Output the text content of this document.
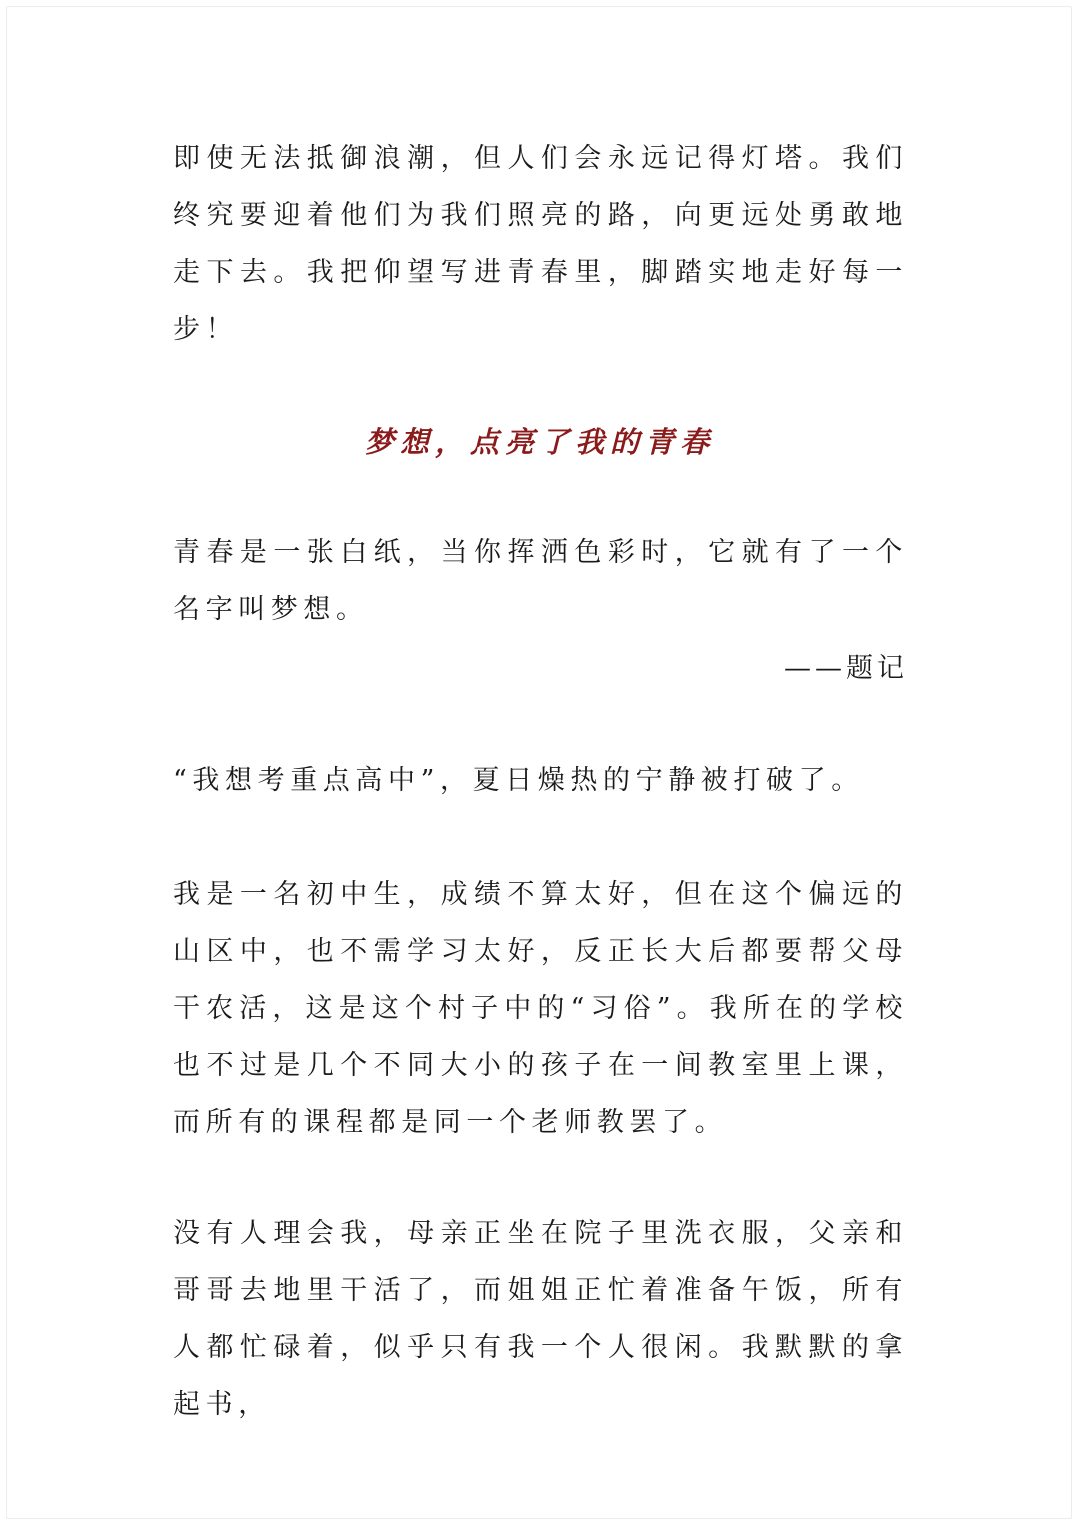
即使无法抵御浪潮，但人们会永远记得灯塔。我们终究要迎着他们为我们照亮的路，向更远处勇敢地走下去。我把仰望写进青春里，脚踏实地走好每一步！

梦想，点亮了我的青春

青春是一张白纸，当你挥洒色彩时，它就有了一个名字叫梦想。

——题记

“我想考重点高中”，夏日燥热的宁静被打破了。

我是一名初中生，成绩不算太好，但在这个偏远的山区中，也不需学习太好，反正长大后都要帮父母干农活，这是这个村子中的“习俗”。我所在的学校也不过是几个不同大小的孩子在一间教室里上课，而所有的课程都是同一个老师教罢了。

没有人理会我，母亲正坐在院子里洗衣服，父亲和哥哥去地里干活了，而姐姐正忙着准备午饭，所有人都忙碌着，似乎只有我一个人很闲。我默默的拿起书，
